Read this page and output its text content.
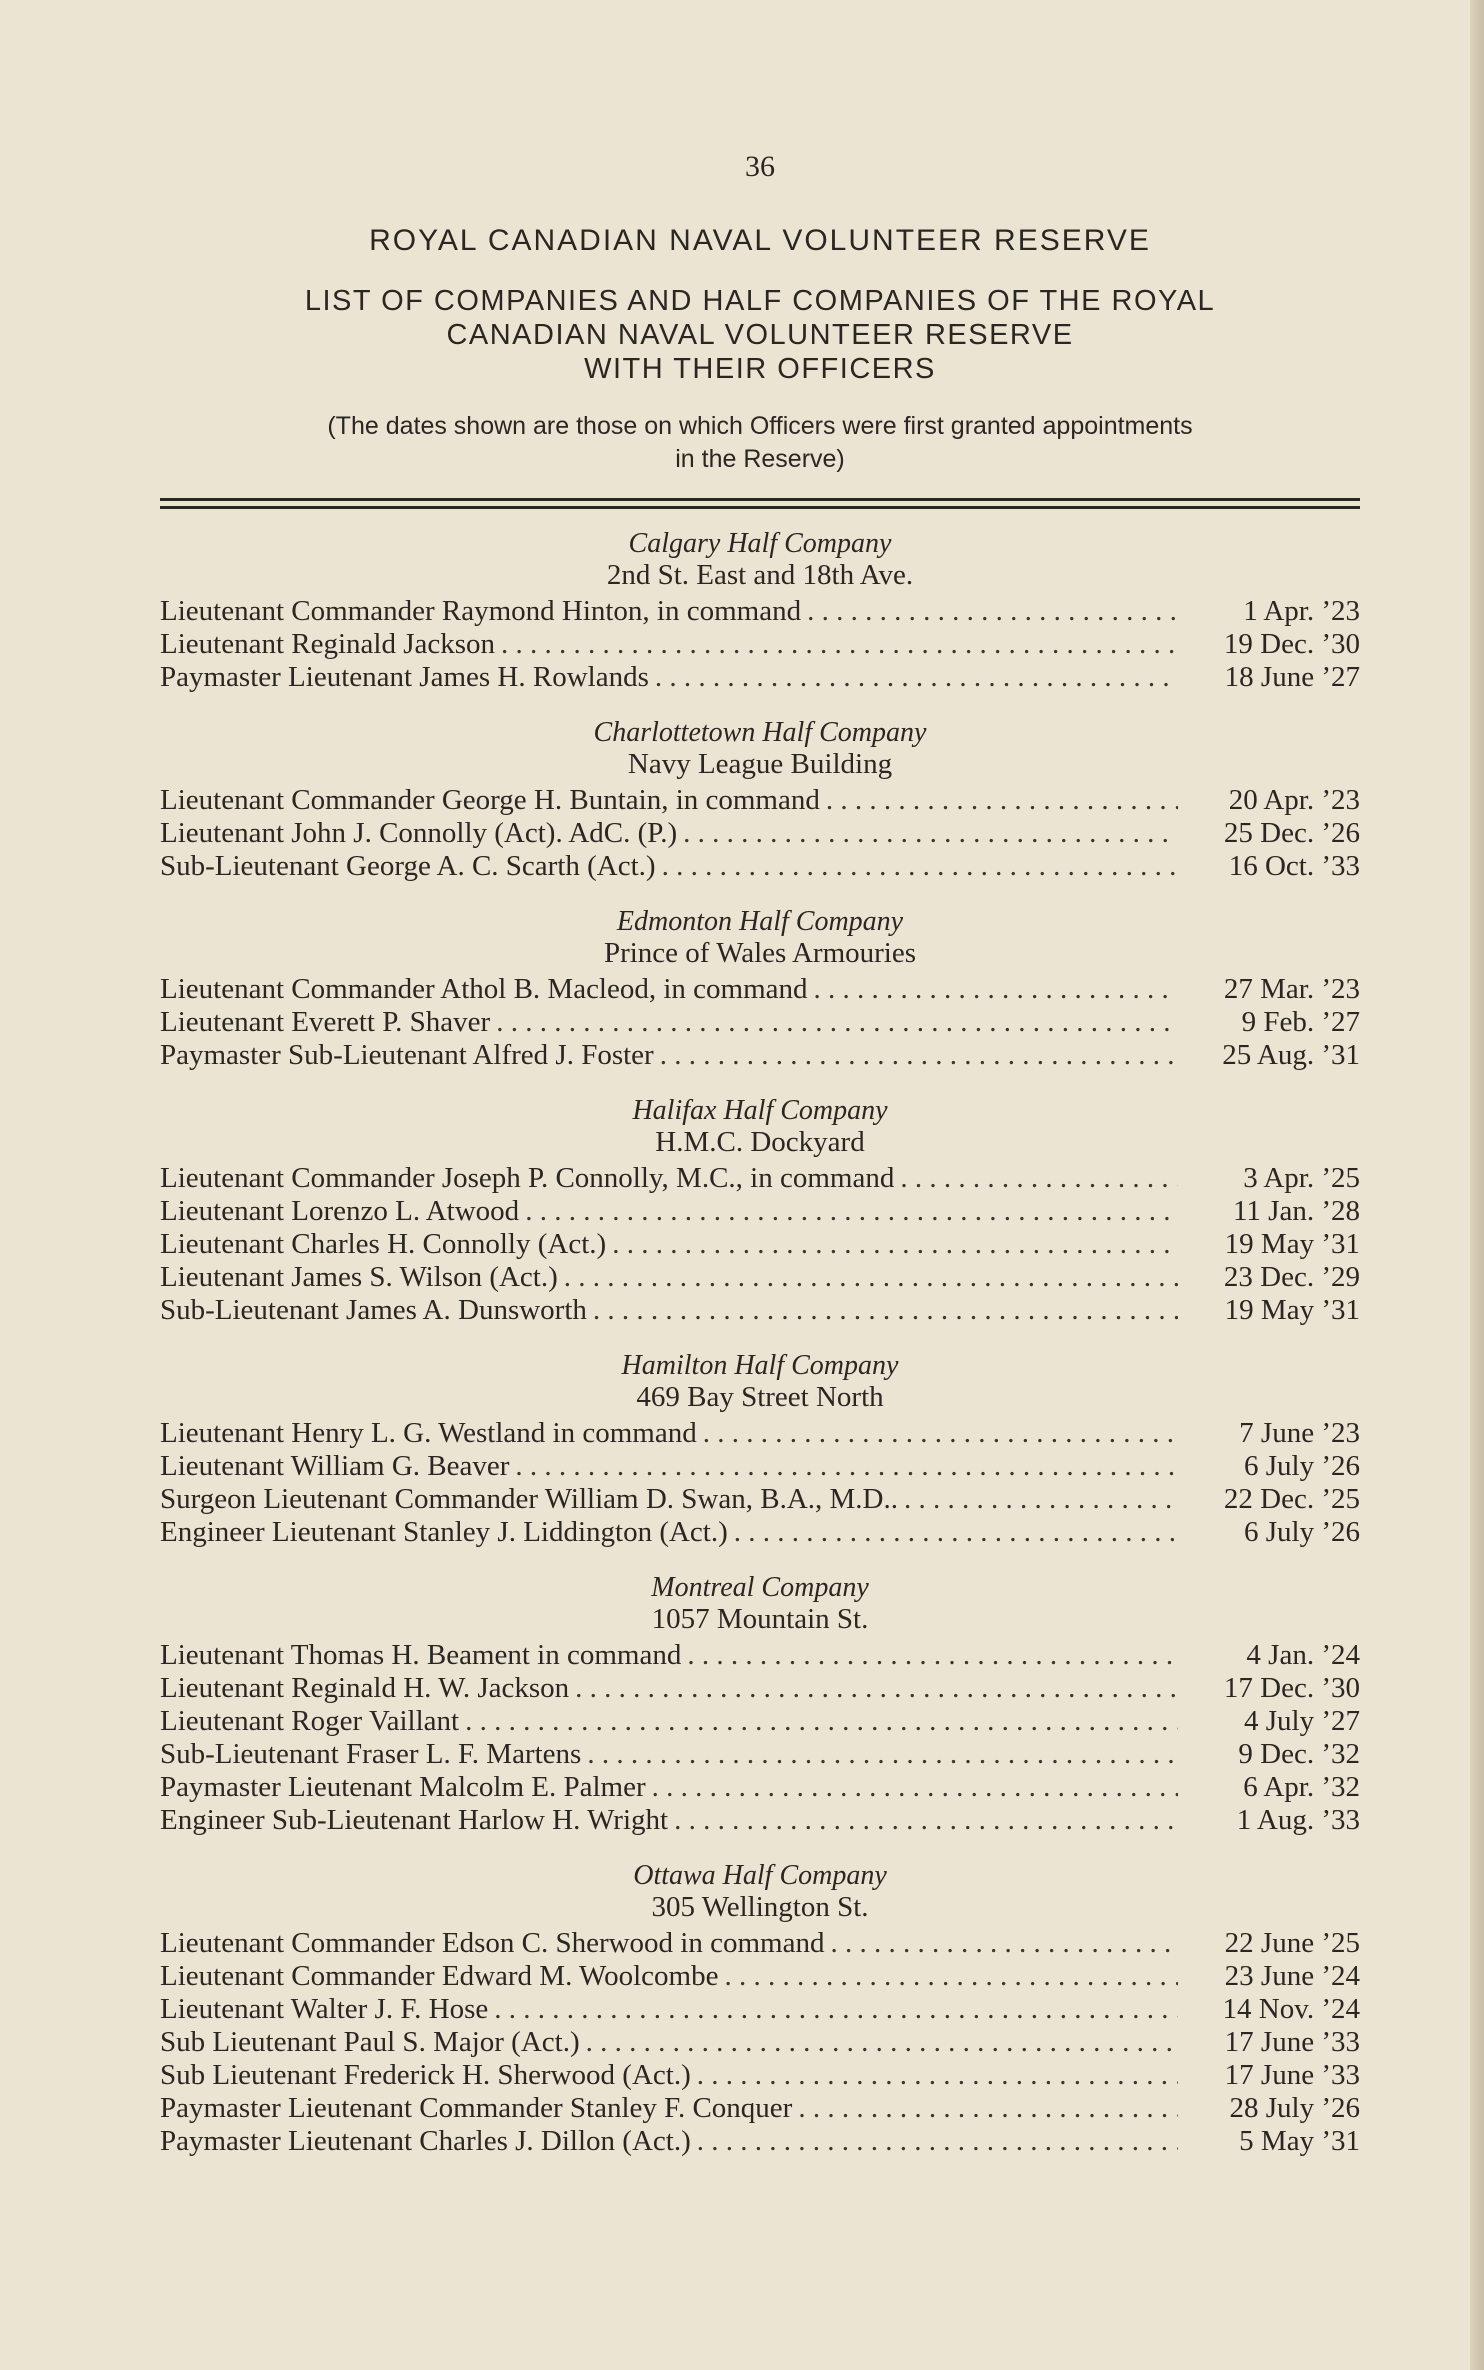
36
ROYAL CANADIAN NAVAL VOLUNTEER RESERVE
LIST OF COMPANIES AND HALF COMPANIES OF THE ROYAL
CANADIAN NAVAL VOLUNTEER RESERVE
WITH THEIR OFFICERS
(The dates shown are those on which Officers were first granted appointments
in the Reserve)
Calgary Half Company
2nd St. East and 18th Ave.
Lieutenant Commander Raymond Hinton, in command . . .	1 Apr. ’23
Lieutenant Reginald Jackson . . .	19 Dec. ’30
Paymaster Lieutenant James H. Rowlands . . .	18 June ’27
Charlottetown Half Company
Navy League Building
Lieutenant Commander George H. Buntain, in command . . .	20 Apr. ’23
Lieutenant John J. Connolly (Act). AdC. (P.) . . .	25 Dec. ’26
Sub-Lieutenant George A. C. Scarth (Act.) . . .	16 Oct. ’33
Edmonton Half Company
Prince of Wales Armouries
Lieutenant Commander Athol B. Macleod, in command . . .	27 Mar. ’23
Lieutenant Everett P. Shaver . . .	9 Feb. ’27
Paymaster Sub-Lieutenant Alfred J. Foster . . .	25 Aug. ’31
Halifax Half Company
H.M.C. Dockyard
Lieutenant Commander Joseph P. Connolly, M.C., in command . . .	3 Apr. ’25
Lieutenant Lorenzo L. Atwood . . .	11 Jan. ’28
Lieutenant Charles H. Connolly (Act.) . . .	19 May ’31
Lieutenant James S. Wilson (Act.) . . .	23 Dec. ’29
Sub-Lieutenant James A. Dunsworth . . .	19 May ’31
Hamilton Half Company
469 Bay Street North
Lieutenant Henry L. G. Westland in command . . .	7 June ’23
Lieutenant William G. Beaver . . .	6 July ’26
Surgeon Lieutenant Commander William D. Swan, B.A., M.D.. . . .	22 Dec. ’25
Engineer Lieutenant Stanley J. Liddington (Act.) . . .	6 July ’26
Montreal Company
1057 Mountain St.
Lieutenant Thomas H. Beament in command . . .	4 Jan. ’24
Lieutenant Reginald H. W. Jackson . . .	17 Dec. ’30
Lieutenant Roger Vaillant . . .	4 July ’27
Sub-Lieutenant Fraser L. F. Martens . . .	9 Dec. ’32
Paymaster Lieutenant Malcolm E. Palmer . . .	6 Apr. ’32
Engineer Sub-Lieutenant Harlow H. Wright . . .	1 Aug. ’33
Ottawa Half Company
305 Wellington St.
Lieutenant Commander Edson C. Sherwood in command . . .	22 June ’25
Lieutenant Commander Edward M. Woolcombe . . .	23 June ’24
Lieutenant Walter J. F. Hose . . .	14 Nov. ’24
Sub Lieutenant Paul S. Major (Act.) . . .	17 June ’33
Sub Lieutenant Frederick H. Sherwood (Act.) . . .	17 June ’33
Paymaster Lieutenant Commander Stanley F. Conquer . . .	28 July ’26
Paymaster Lieutenant Charles J. Dillon (Act.) . . .	5 May ’31
